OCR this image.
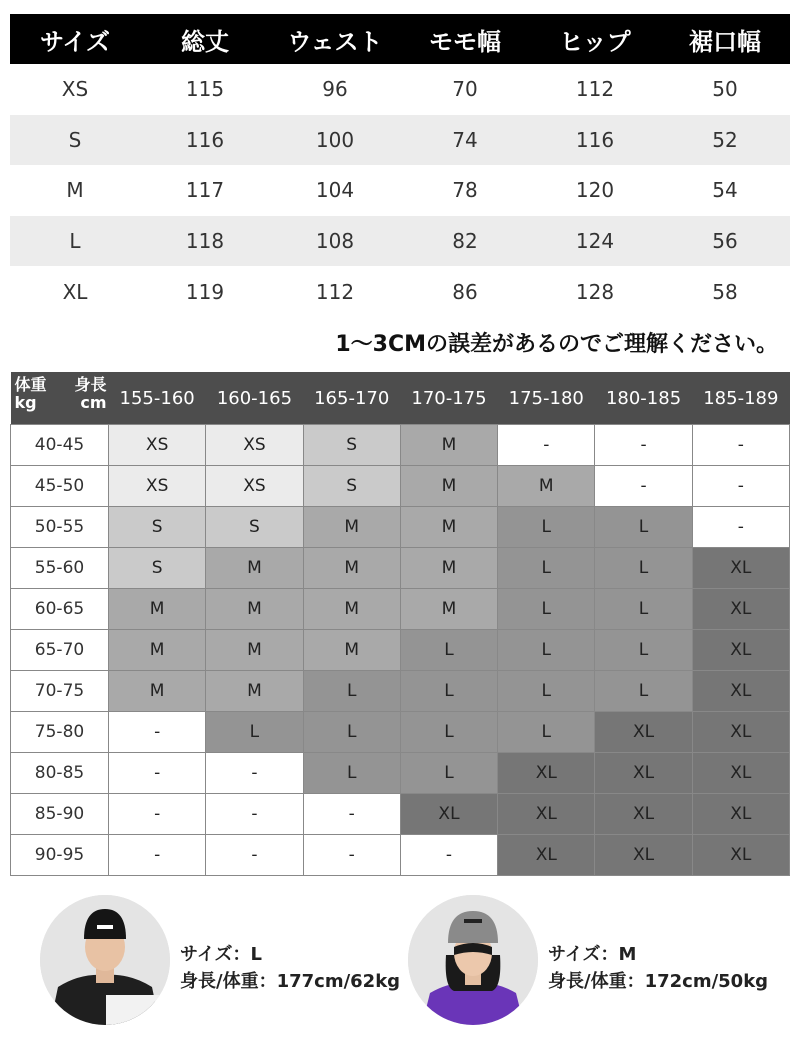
サイズ	総丈	ウェスト	モモ幅	ヒップ	裾口幅
XS	115	96	70	112	50
S	116	100	74	116	52
M	117	104	78	120	54
L	118	108	82	124	56
XL	119	112	86	128	58
1～3CMの誤差があるのでご理解ください。
体重
kg
身長
cm	155-160	160-165	165-170	170-175	175-180	180-185	185-189
40-45	XS	XS	S	M	-	-	-
45-50	XS	XS	S	M	M	-	-
50-55	S	S	M	M	L	L	-
55-60	S	M	M	M	L	L	XL
60-65	M	M	M	M	L	L	XL
65-70	M	M	M	L	L	L	XL
70-75	M	M	L	L	L	L	XL
75-80	-	L	L	L	L	XL	XL
80-85	-	-	L	L	XL	XL	XL
85-90	-	-	-	XL	XL	XL	XL
90-95	-	-	-	-	XL	XL	XL
サイズ：L
身長/体重：177cm/62kg
サイズ：M
身長/体重：172cm/50kg
